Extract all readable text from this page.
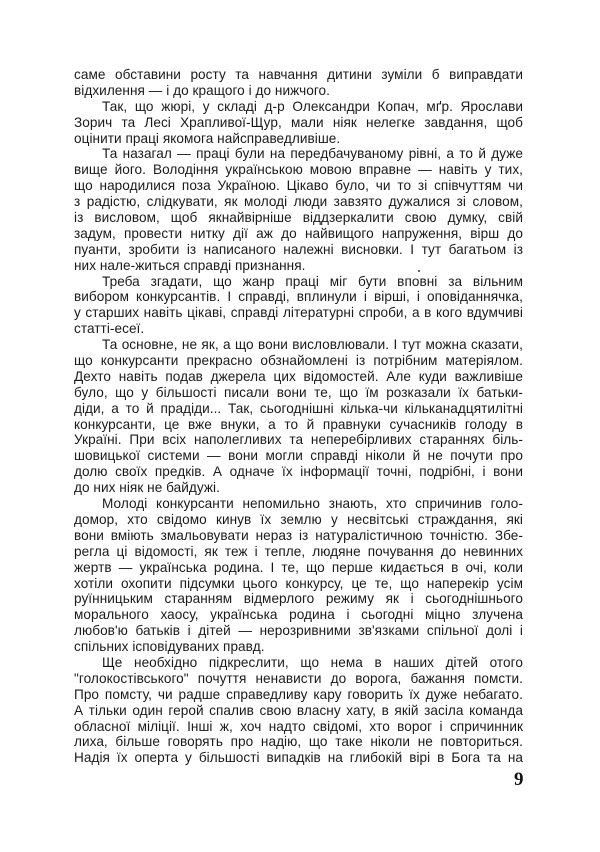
саме обставини росту та навчання дитини зуміли б виправдати
відхилення — і до кращого і до нижчого.
Так, що жюрі, у складі д-р Олександри Копач, мґр. Ярослави
Зорич та Лесі Храпливої-Щур, мали ніяк нелегке завдання, щоб
оцінити праці якомога найсправедливіше.
Та назагал — праці були на передбачуваному рівні, а то й дуже
вище його. Володіння українською мовою вправне — навіть у тих,
що народилися поза Україною. Цікаво було, чи то зі співчуттям чи
з радістю, слідкувати, як молоді люди завзято дужалися зі словом,
із висловом, щоб якнайвірніше віддзеркалити свою думку, свій
задум, провести нитку дії аж до найвищого напруження, вірш до
пуанти, зробити із написаного належні висновки. І тут багатьом із
них нале-житься справді признання.
Треба згадати, що жанр праці міг бути вповні за вільним
вибором конкурсантів. І справді, вплинули і вірші, і оповіданнячка,
у старших навіть цікаві, справді літературні спроби, а в кого вдумчиві
статті-есеї.
Та основне, не як, а що вони висловлювали. І тут можна сказати,
що конкурсанти прекрасно обзнайомлені із потрібним матеріялом.
Дехто навіть подав джерела цих відомостей. Але куди важливіше
було, що у більшості писали вони те, що їм розказали їх батьки-
діди, а то й прадіди... Так, сьогоднішні кілька-чи кільканадцятилітні
конкурсанти, це вже внуки, а то й правнуки сучасників голоду в
Україні. При всіх наполегливих та неперебірливих стараннях біль-
шовицької системи — вони могли справді ніколи й не почути про
долю своїх предків. А одначе їх інформації точні, подрібні, і вони
до них ніяк не байдужі.
Молоді конкурсанти непомильно знають, хто спричинив голо-
домор, хто свідомо кинув їх землю у несвітські страждання, які
вони вміють змальовувати нераз із натуралістичною точністю. Збе-
регла ці відомості, як теж і тепле, людяне почування до невинних
жертв — українська родина. І те, що перше кидається в очі, коли
хотіли охопити підсумки цього конкурсу, це те, що наперекір усім
руїнницьким старанням відмерлого режиму як і сьогоднішнього
морального хаосу, українська родина і сьогодні міцно злучена
любов'ю батьків і дітей — нерозривними зв'язками спільної долі і
спільних ісповідуваних правд.
Ще необхідно підкреслити, що нема в наших дітей отого
"голокостівського" почуття ненависти до ворога, бажання помсти.
Про помсту, чи радше справедливу кару говорить їх дуже небагато.
А тільки один герой спалив свою власну хату, в якій засіла команда
обласної міліції. Інші ж, хоч надто свідомі, хто ворог і спричинник
лиха, більше говорять про надію, що таке ніколи не повториться.
Надія їх оперта у більшості випадків на глибокій вірі в Бога та на
9
